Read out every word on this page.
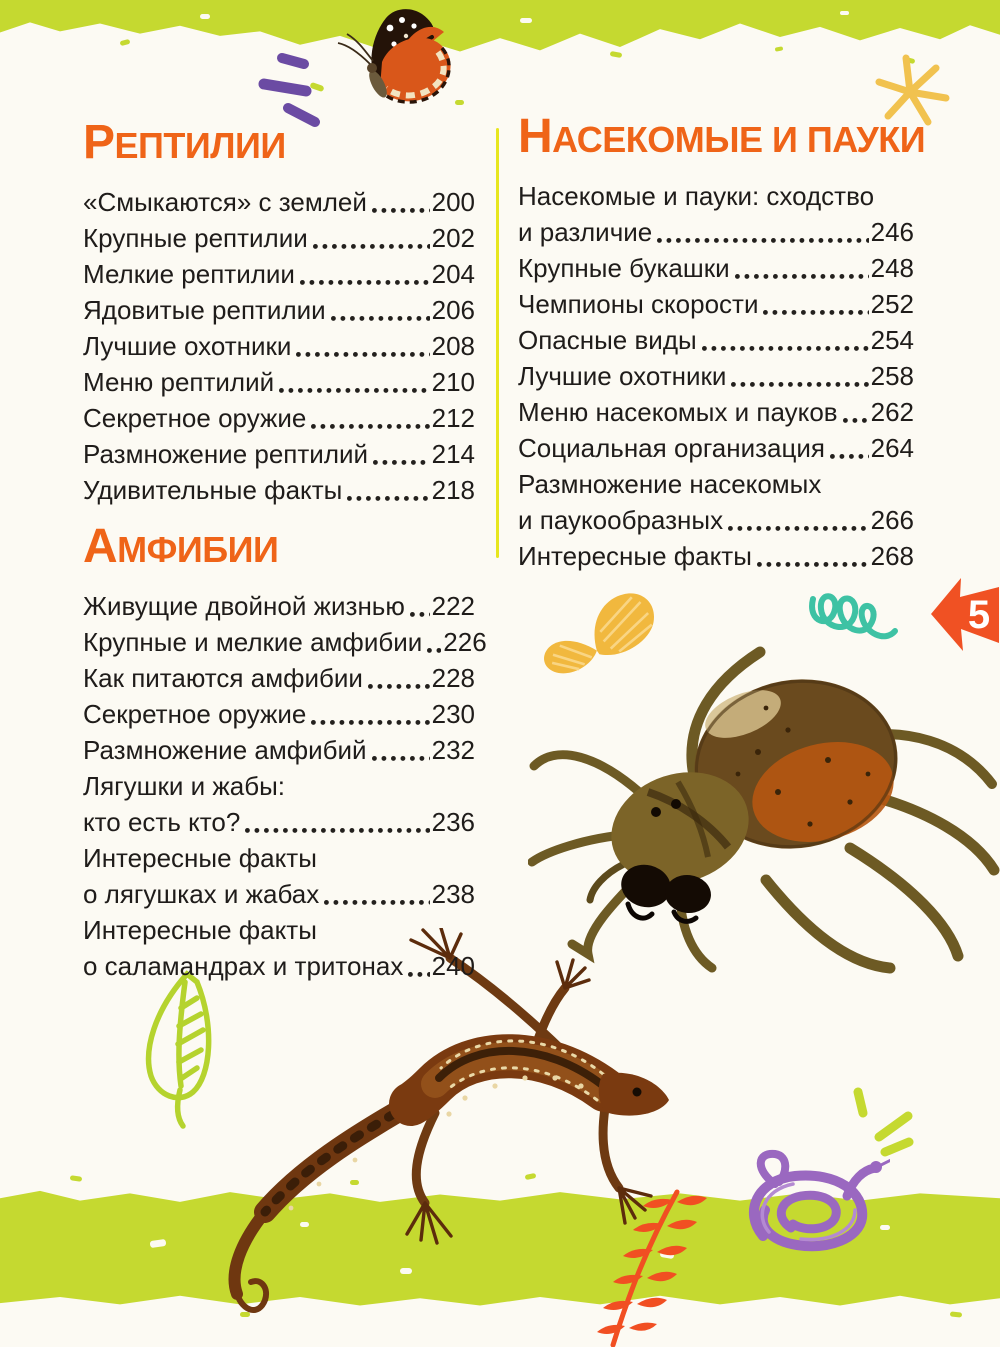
РЕПТИЛИИ
«Смыкаются» с землей 200
Крупные рептилии	202
Мелкие рептилии	204
Ядовитые рептилии	206
Лучшие охотники	208
Меню рептилий	210
Секретное оружие	212
Размножение рептилий 214
Удивительные факты	218
АМФИБИИ
Живущие двойной жизнью 222
Крупные и мелкие амфибии 226
Как питаются амфибии	228
Секретное оружие	230
Размножение амфибий	232
Лягушки и жабы:
кто есть кто?	236
Интересные факты
о лягушках и жабах	238
Интересные факты
о саламандрах и тритонах 240
НАСЕКОМЫЕ И ПАУКИ
Насекомые и пауки: сходство
и различие	246
Крупные букашки	248
Чемпионы скорости	252
Опасные виды	254
Лучшие охотники	258
Меню насекомых и пауков 262
Социальная организация 264
Размножение насекомых
и паукообразных	266
Интересные факты	268
5
